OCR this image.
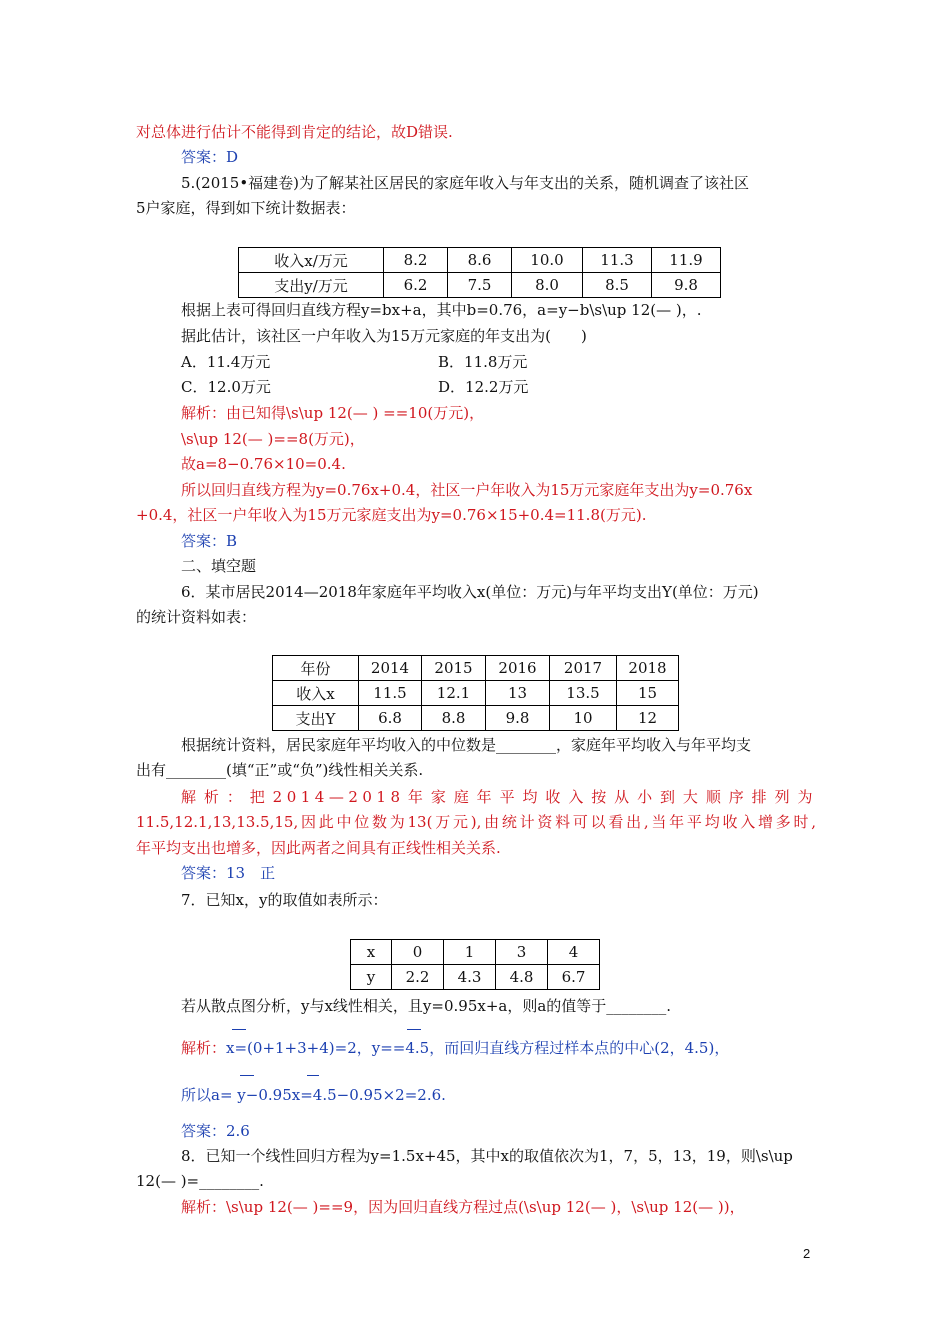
对总体进行估计不能得到肯定的结论，故D错误.
答案：D
5.(2015•福建卷)为了解某社区居民的家庭年收入与年支出的关系，随机调查了该社区
5户家庭，得到如下统计数据表：
收入x/万元	8.2	8.6	10.0	11.3	11.9
支出y/万元	6.2	7.5	8.0	8.5	9.8
根据上表可得回归直线方程y=bx+a，其中b=0.76，a=y−b\s\up 12(— )，.
据此估计，该社区一户年收入为15万元家庭的年支出为(　　)
A．11.4万元	B．11.8万元
C．12.0万元	D．12.2万元
解析：由已知得\s\up 12(— ) ==10(万元)，
\s\up 12(— )==8(万元)，
故a=8−0.76×10=0.4.
所以回归直线方程为y=0.76x+0.4，社区一户年收入为15万元家庭年支出为y=0.76x
+0.4，社区一户年收入为15万元家庭支出为y=0.76×15+0.4=11.8(万元).
答案：B
二、填空题
6．某市居民2014—2018年家庭年平均收入x(单位：万元)与年平均支出Y(单位：万元)
的统计资料如表：
年份	2014	2015	2016	2017	2018
收入x	11.5	12.1	13	13.5	15
支出Y	6.8	8.8	9.8	10	12
根据统计资料，居民家庭年平均收入的中位数是________，家庭年平均收入与年平均支
出有________(填“正”或“负”)线性相关关系.
解析：把2014—2018年家庭年平均收入按从小到大顺序排列为
11.5,12.1,13,13.5,15,因此中位数为13(万元),由统计资料可以看出,当年平均收入增多时,
年平均支出也增多，因此两者之间具有正线性相关关系.
答案：13　正
7．已知x，y的取值如表所示：
x	0	1	3	4
y	2.2	4.3	4.8	6.7
若从散点图分析，y与x线性相关，且y=0.95x+a，则a的值等于________.
解析：x=(0+1+3+4)=2，y==4.5，而回归直线方程过样本点的中心(2，4.5)，
所以a= y−0.95x=4.5−0.95×2=2.6.
答案：2.6
8．已知一个线性回归方程为y=1.5x+45，其中x的取值依次为1，7，5，13，19，则\s\up
12(— )=________.
解析：\s\up 12(— )==9，因为回归直线方程过点(\s\up 12(— )，\s\up 12(— ))，
2
